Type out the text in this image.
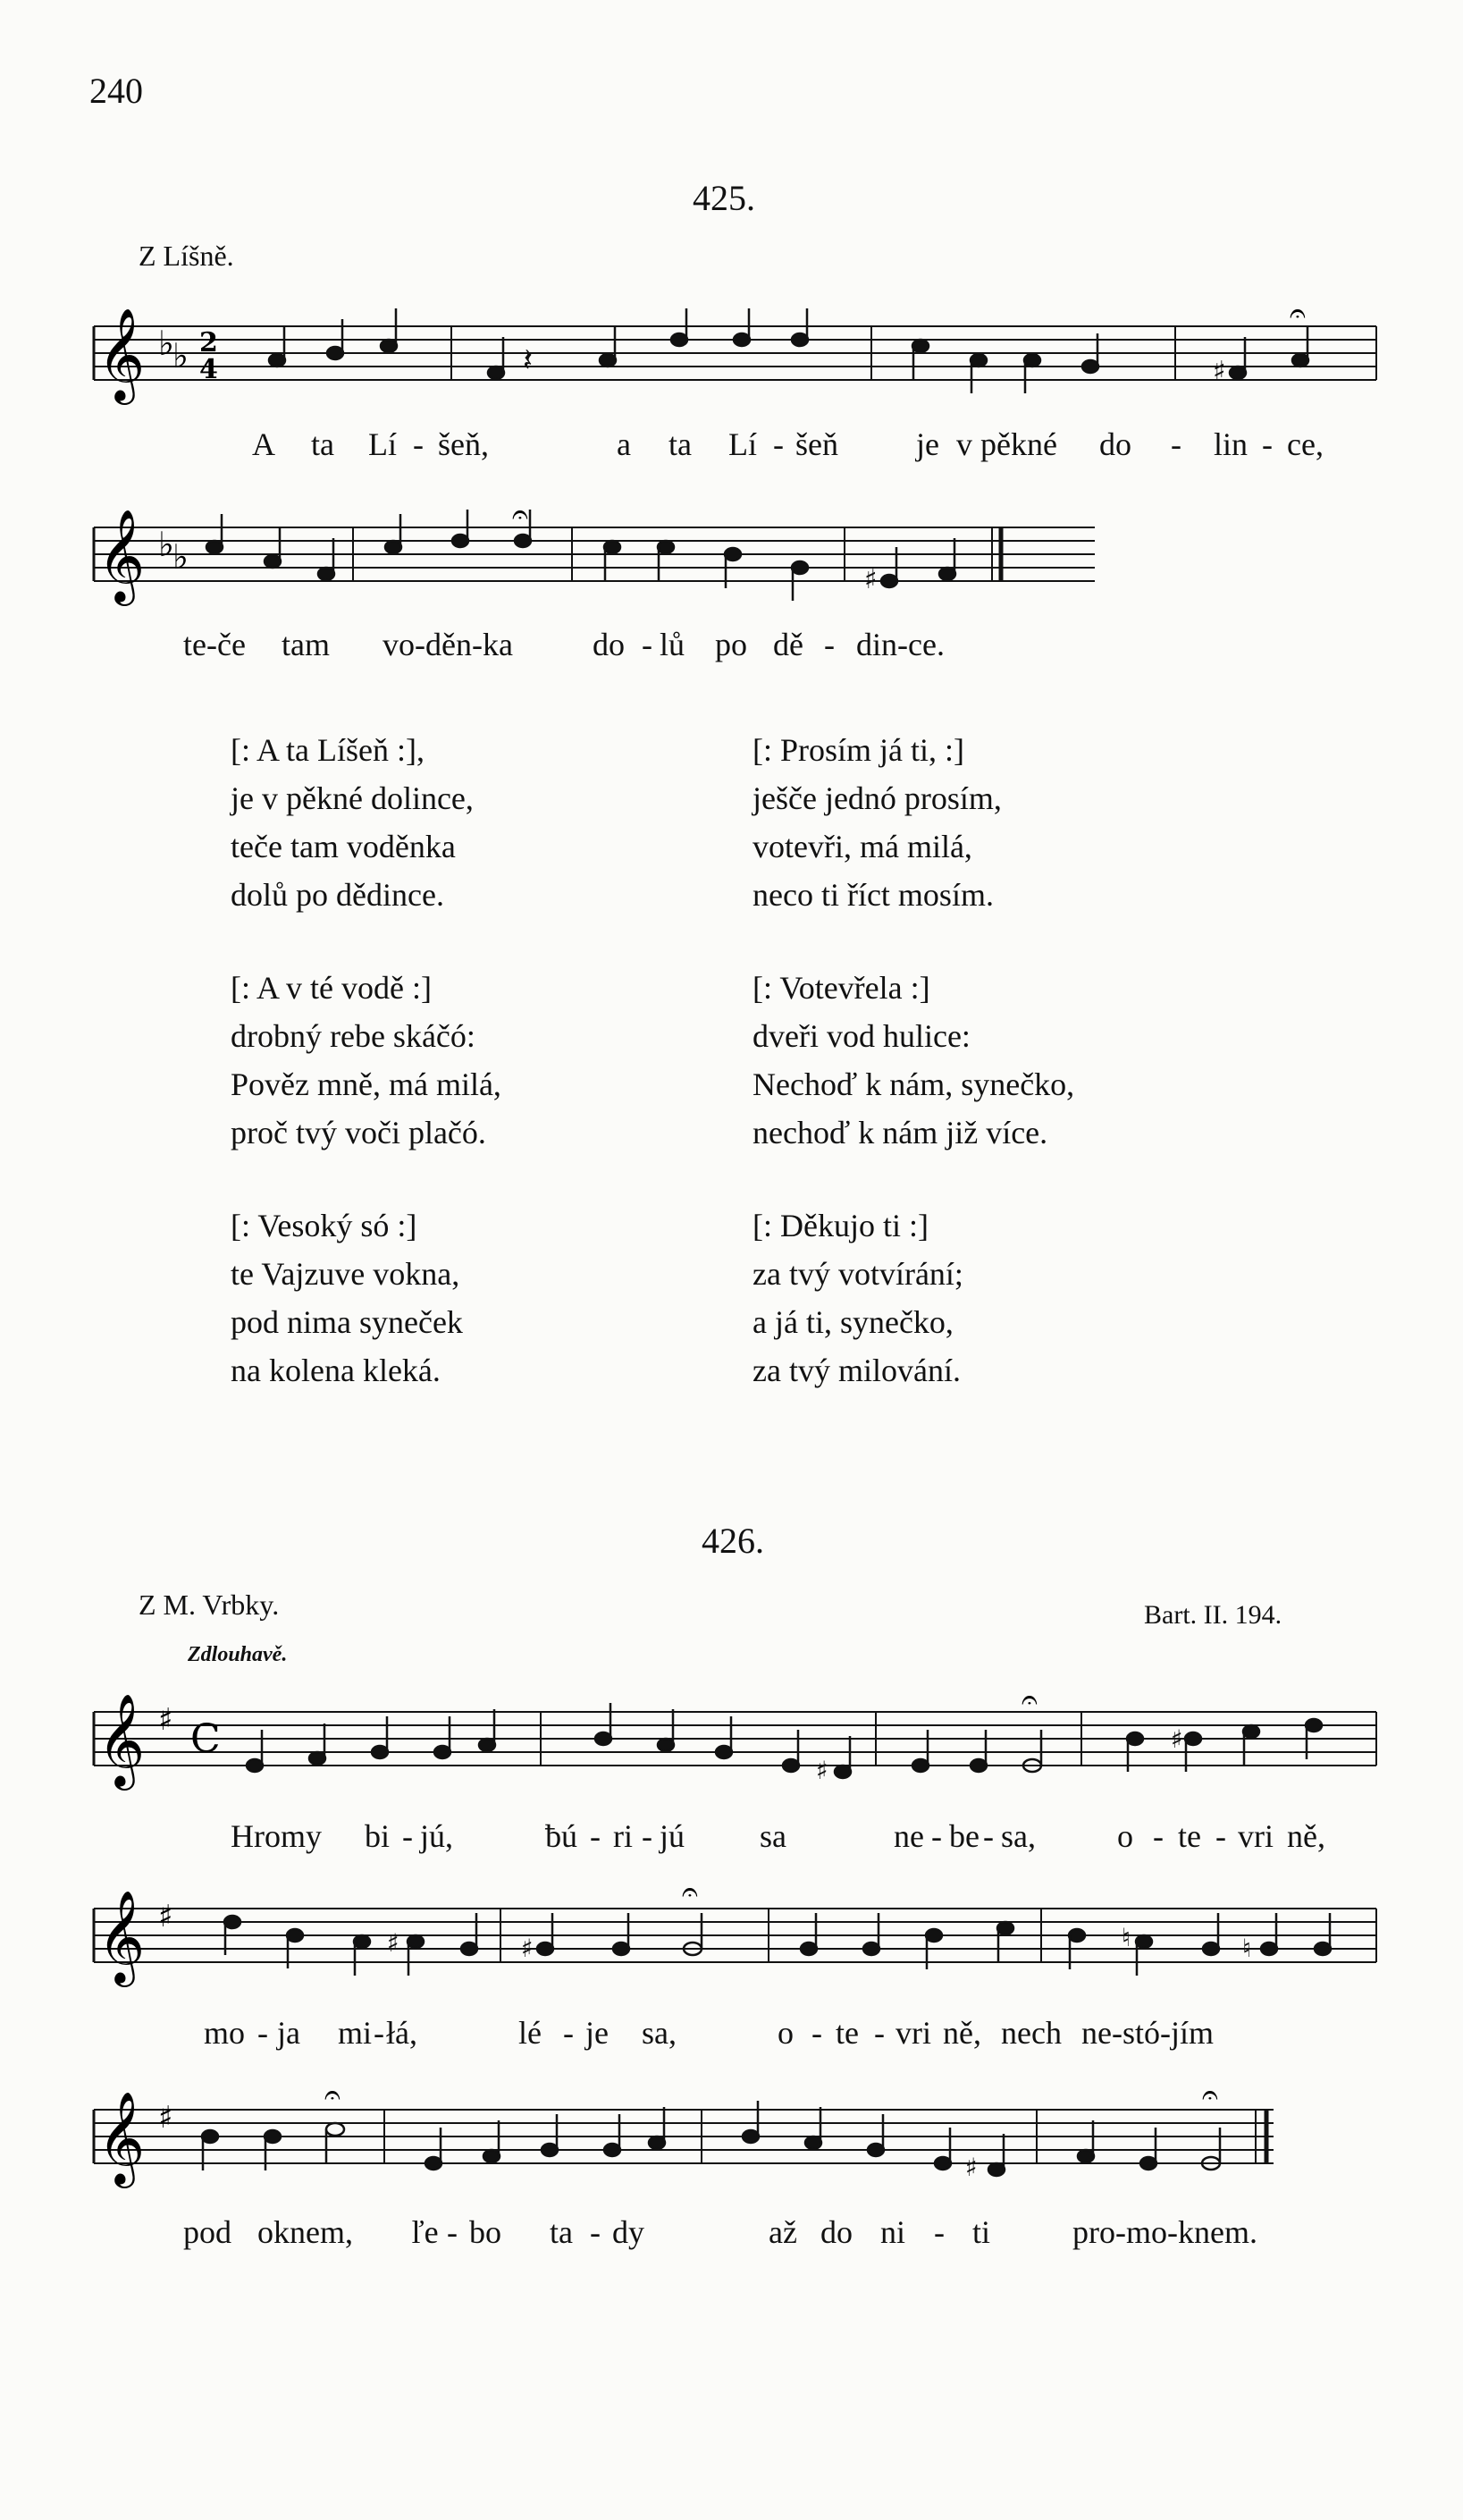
240
425.
Z Líšně.
𝄞 ♭
♭ 2
4	𝄽	♯
𝄐
A ta Lí - šeň,	a ta Lí - šeň je v pěkné do - lin - ce,
𝄞 ♭
♭
♯
𝄐
te-če tam vo-děn-ka do - lů po dě - din-ce.
[: A ta Líšeň :],
je v pěkné dolince,
teče tam voděnka
dolů po dědince.
[: A v té vodě :]
drobný rebe skáčó:
Pověz mně, má milá,
proč tvý voči plačó.
[: Vesoký só :]
te Vajzuve vokna,
pod nima syneček
na kolena kleká.
[: Prosím já ti, :]
ješče jednó prosím,
votevři, má milá,
neco ti říct mosím.
[: Votevřela :]
dveři vod hulice:
Nechoď k nám, synečko,
nechoď k nám již více.
[: Děkujo ti :]
za tvý votvírání;
a já ti, synečko,
za tvý milování.
426.
Z M. Vrbky.	Bart. II. 194.
Zdlouhavě.
𝄞 ♯ C
♯
♯
𝄐
Hromy bi - jú,	ƀú - ri - jú sa	ne - be - sa,	o - te - vri ně,
𝄞 ♯
♯	♯	♮	♮
𝄐
mo - ja mi - łá,	lé - je sa,	o - te - vri ně, nech ne-stó-jím
𝄞 ♯
♯
𝄐	𝄐
pod oknem, ľe - bo ta - dy	až do ni - ti	pro-mo-knem.
